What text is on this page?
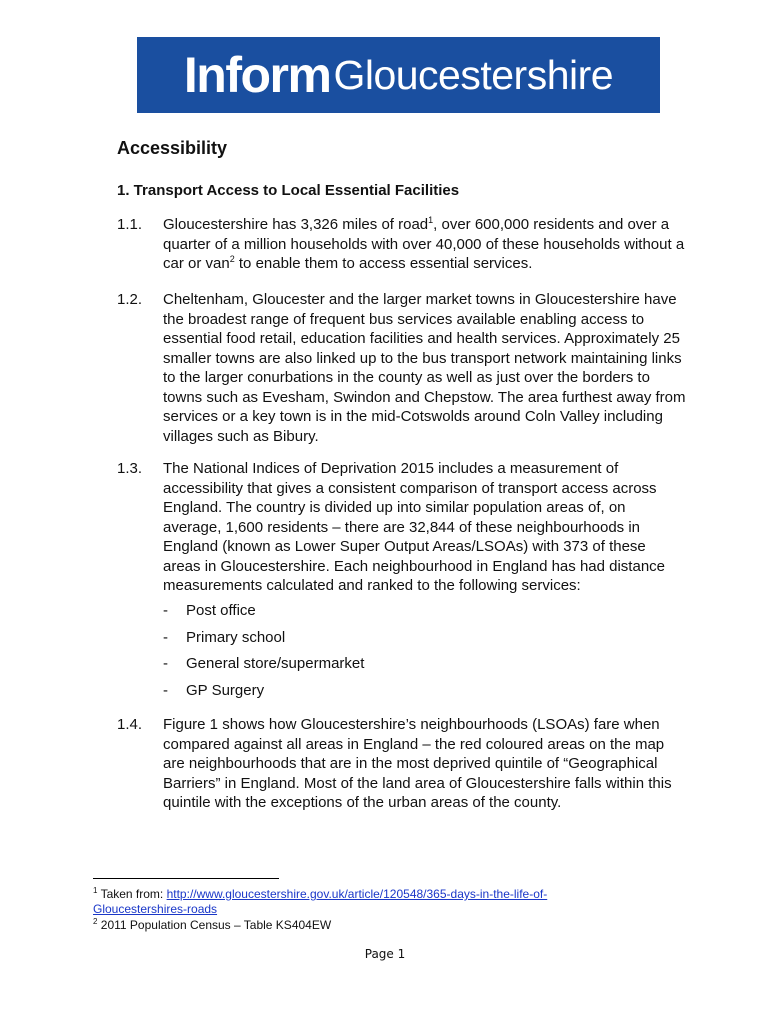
Inform Gloucestershire
Accessibility
1. Transport Access to Local Essential Facilities
1.1. Gloucestershire has 3,326 miles of road$^1$, over 600,000 residents and over a quarter of a million households with over 40,000 of these households without a car or van$^2$ to enable them to access essential services.
1.2. Cheltenham, Gloucester and the larger market towns in Gloucestershire have the broadest range of frequent bus services available enabling access to essential food retail, education facilities and health services. Approximately 25 smaller towns are also linked up to the bus transport network maintaining links to the larger conurbations in the county as well as just over the borders to towns such as Evesham, Swindon and Chepstow. The area furthest away from services or a key town is in the mid-Cotswolds around Coln Valley including villages such as Bibury.
1.3. The National Indices of Deprivation 2015 includes a measurement of accessibility that gives a consistent comparison of transport access across England. The country is divided up into similar population areas of, on average, 1,600 residents – there are 32,844 of these neighbourhoods in England (known as Lower Super Output Areas/LSOAs) with 373 of these areas in Gloucestershire. Each neighbourhood in England has had distance measurements calculated and ranked to the following services:
- Post office
- Primary school
- General store/supermarket
- GP Surgery
1.4. Figure 1 shows how Gloucestershire’s neighbourhoods (LSOAs) fare when compared against all areas in England – the red coloured areas on the map are neighbourhoods that are in the most deprived quintile of “Geographical Barriers” in England. Most of the land area of Gloucestershire falls within this quintile with the exceptions of the urban areas of the county.
$^1$ Taken from: http://www.gloucestershire.gov.uk/article/120548/365-days-in-the-life-of-
Gloucestershires-roads
$^2$ 2011 Population Census – Table KS404EW
Page 1
